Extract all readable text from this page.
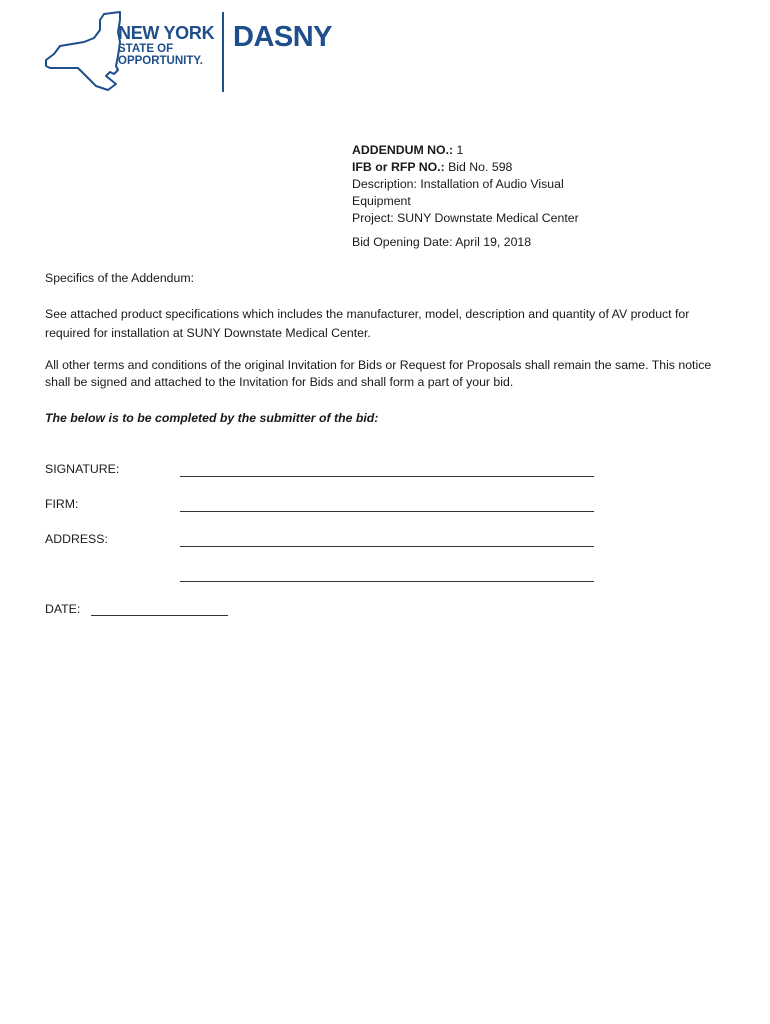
NEW YORK
STATE OF
OPPORTUNITY.
DASNY
ADDENDUM NO.: 1
IFB or RFP NO.: Bid No. 598
Description: Installation of Audio Visual Equipment
Project: SUNY Downstate Medical Center
Bid Opening Date: April 19, 2018
Specifics of the Addendum:
See attached product specifications which includes the manufacturer, model, description and quantity of AV product for required for installation at SUNY Downstate Medical Center.
All other terms and conditions of the original Invitation for Bids or Request for Proposals shall remain the same. This notice shall be signed and attached to the Invitation for Bids and shall form a part of your bid.
The below is to be completed by the submitter of the bid:
SIGNATURE:
FIRM:
ADDRESS:
DATE:
